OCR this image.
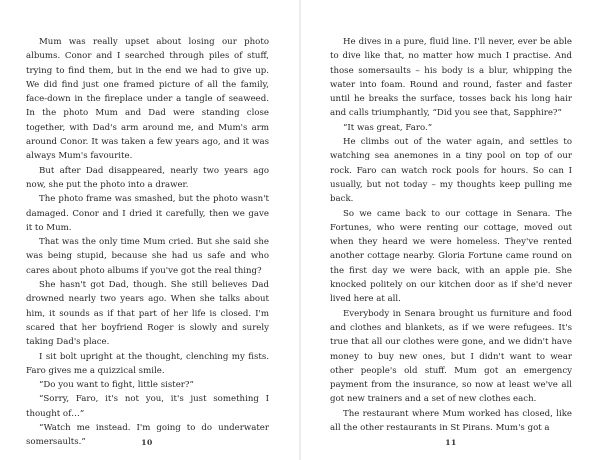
Mum was really upset about losing our photo albums. Conor and I searched through piles of stuff, trying to find them, but in the end we had to give up. We did find just one framed picture of all the family, face-down in the fireplace under a tangle of seaweed. In the photo Mum and Dad were standing close together, with Dad's arm around me, and Mum's arm around Conor. It was taken a few years ago, and it was always Mum's favourite.

But after Dad disappeared, nearly two years ago now, she put the photo into a drawer.

The photo frame was smashed, but the photo wasn't damaged. Conor and I dried it carefully, then we gave it to Mum.

That was the only time Mum cried. But she said she was being stupid, because she had us safe and who cares about photo albums if you've got the real thing?

She hasn't got Dad, though. She still believes Dad drowned nearly two years ago. When she talks about him, it sounds as if that part of her life is closed. I'm scared that her boyfriend Roger is slowly and surely taking Dad's place.

I sit bolt upright at the thought, clenching my fists. Faro gives me a quizzical smile.

“Do you want to fight, little sister?”

“Sorry, Faro, it's not you, it's just something I thought of…”

“Watch me instead. I'm going to do underwater somersaults.”

He dives in a pure, fluid line. I'll never, ever be able to dive like that, no matter how much I practise. And those somersaults – his body is a blur, whipping the water into foam. Round and round, faster and faster until he breaks the surface, tosses back his long hair and calls triumphantly, “Did you see that, Sapphire?”

“It was great, Faro.”

He climbs out of the water again, and settles to watching sea anemones in a tiny pool on top of our rock. Faro can watch rock pools for hours. So can I usually, but not today – my thoughts keep pulling me back.

So we came back to our cottage in Senara. The Fortunes, who were renting our cottage, moved out when they heard we were homeless. They've rented another cottage nearby. Gloria Fortune came round on the first day we were back, with an apple pie. She knocked politely on our kitchen door as if she'd never lived here at all.

Everybody in Senara brought us furniture and food and clothes and blankets, as if we were refugees. It's true that all our clothes were gone, and we didn't have money to buy new ones, but I didn't want to wear other people's old stuff. Mum got an emergency payment from the insurance, so now at least we've all got new trainers and a set of new clothes each.

The restaurant where Mum worked has closed, like all the other restaurants in St Pirans. Mum's got a

10	11
